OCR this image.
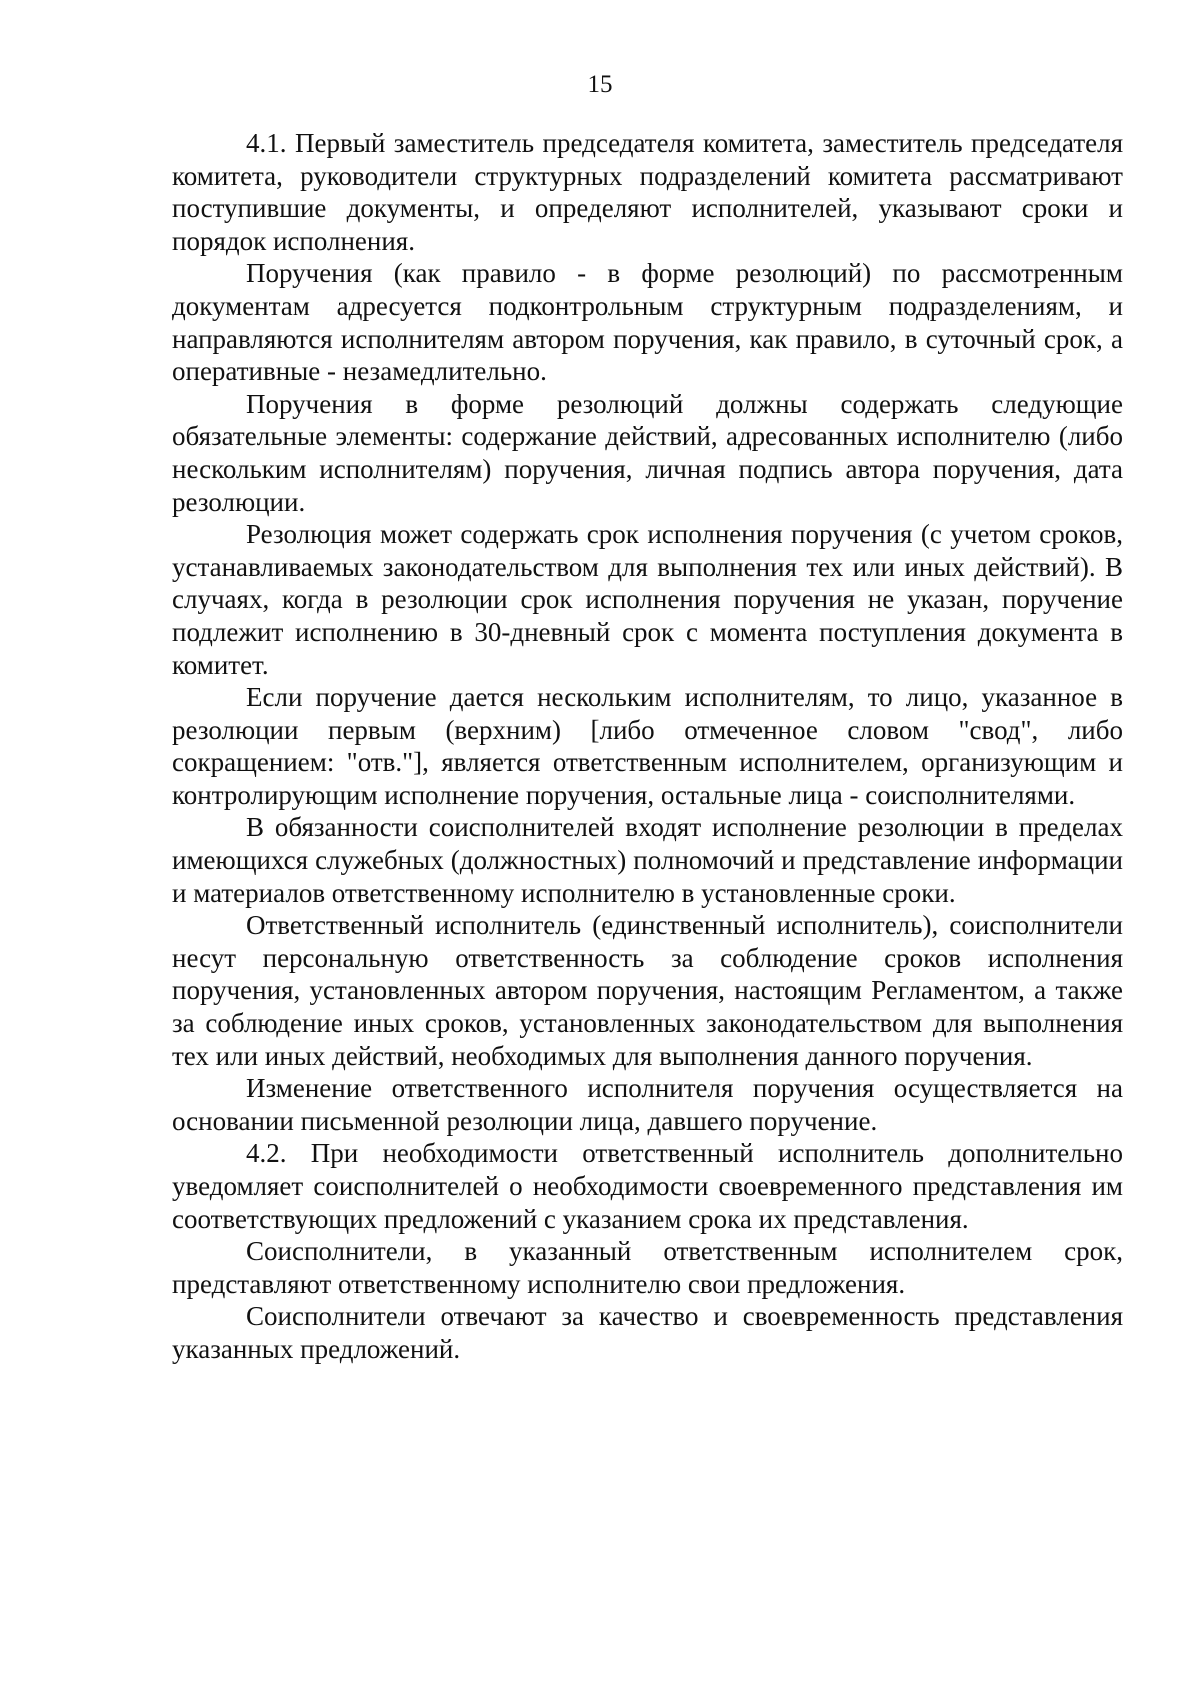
15

4.1. Первый заместитель председателя комитета, заместитель председателя комитета, руководители структурных подразделений комитета рассматривают поступившие документы, и определяют исполнителей, указывают сроки и порядок исполнения.

Поручения (как правило - в форме резолюций) по рассмотренным документам адресуется подконтрольным структурным подразделениям, и направляются исполнителям автором поручения, как правило, в суточный срок, а оперативные - незамедлительно.

Поручения в форме резолюций должны содержать следующие обязательные элементы: содержание действий, адресованных исполнителю (либо нескольким исполнителям) поручения, личная подпись автора поручения, дата резолюции.

Резолюция может содержать срок исполнения поручения (с учетом сроков, устанавливаемых законодательством для выполнения тех или иных действий). В случаях, когда в резолюции срок исполнения поручения не указан, поручение подлежит исполнению в 30-дневный срок с момента поступления документа в комитет.

Если поручение дается нескольким исполнителям, то лицо, указанное в резолюции первым (верхним) [либо отмеченное словом "свод", либо сокращением: "отв."], является ответственным исполнителем, организующим и контролирующим исполнение поручения, остальные лица - соисполнителями.

В обязанности соисполнителей входят исполнение резолюции в пределах имеющихся служебных (должностных) полномочий и представление информации и материалов ответственному исполнителю в установленные сроки.

Ответственный исполнитель (единственный исполнитель), соисполнители несут персональную ответственность за соблюдение сроков исполнения поручения, установленных автором поручения, настоящим Регламентом, а также за соблюдение иных сроков, установленных законодательством для выполнения тех или иных действий, необходимых для выполнения данного поручения.

Изменение ответственного исполнителя поручения осуществляется на основании письменной резолюции лица, давшего поручение.

4.2. При необходимости ответственный исполнитель дополнительно уведомляет соисполнителей о необходимости своевременного представления им соответствующих предложений с указанием срока их представления.

Соисполнители, в указанный ответственным исполнителем срок, представляют ответственному исполнителю свои предложения.

Соисполнители отвечают за качество и своевременность представления указанных предложений.
